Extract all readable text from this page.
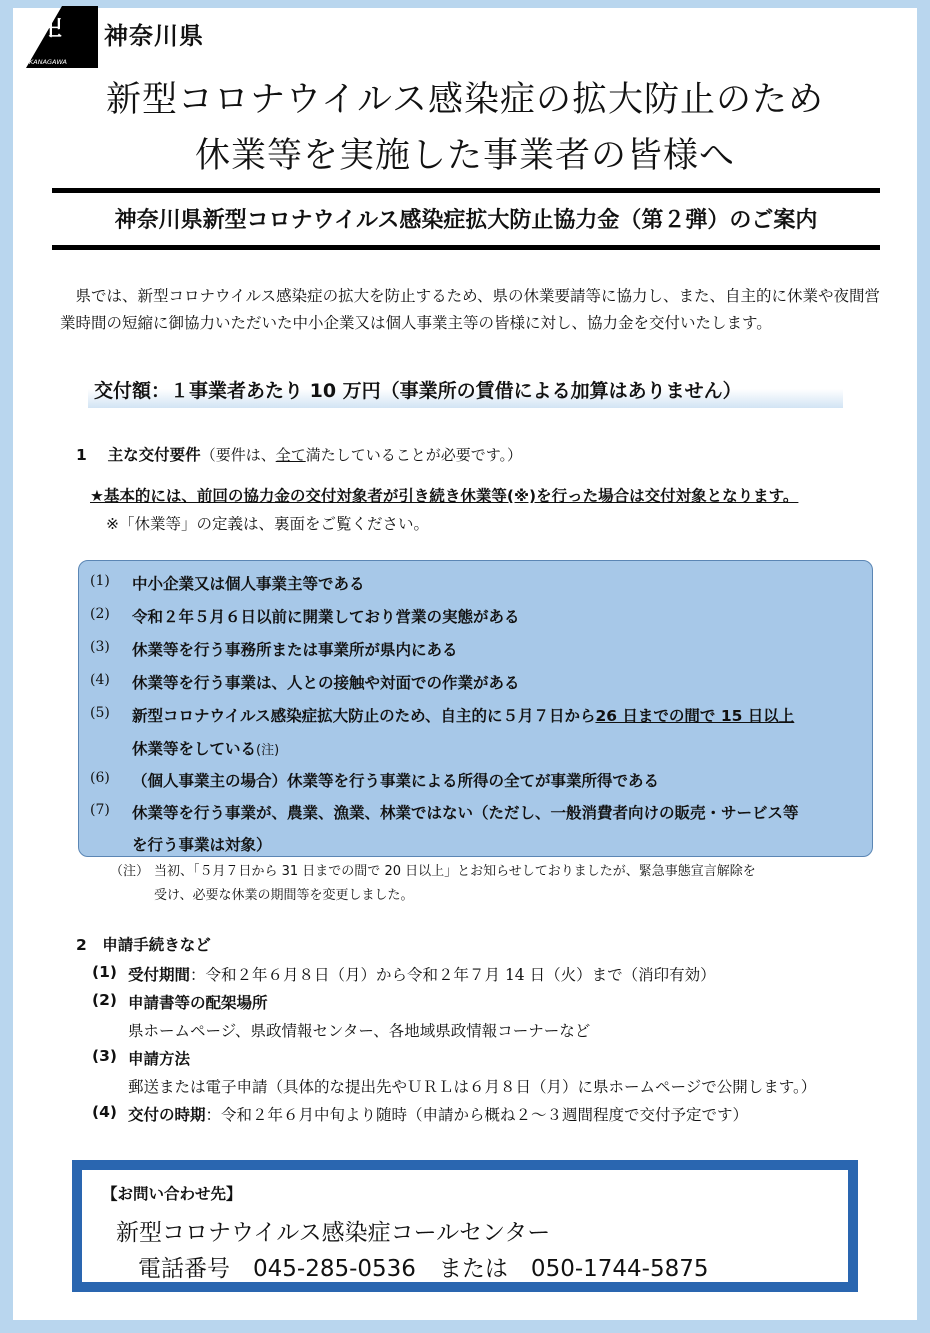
卍
KANAGAWA
神奈川県
新型コロナウイルス感染症の拡大防止のため
休業等を実施した事業者の皆様へ
神奈川県新型コロナウイルス感染症拡大防止協力金（第２弾）のご案内
 県では、新型コロナウイルス感染症の拡大を防止するため、県の休業要請等に協力し、また、自主的に休業や夜間営業時間の短縮に御協力いただいた中小企業又は個人事業主等の皆様に対し、協力金を交付いたします。
交付額：１事業者あたり 10 万円（事業所の賃借による加算はありません）
1　 主な交付要件（要件は、全て満たしていることが必要です。）
★基本的には、前回の協力金の交付対象者が引き続き休業等(※)を行った場合は交付対象となります。
※「休業等」の定義は、裏面をご覧ください。
(1) 中小企業又は個人事業主等である
(2) 令和２年５月６日以前に開業しており営業の実態がある
(3) 休業等を行う事務所または事業所が県内にある
(4) 休業等を行う事業は、人との接触や対面での作業がある
(5) 新型コロナウイルス感染症拡大防止のため、自主的に５月７日から26 日までの間で 15 日以上
休業等をしている(注)
(6) （個人事業主の場合）休業等を行う事業による所得の全てが事業所得である
(7) 休業等を行う事業が、農業、漁業、林業ではない（ただし、一般消費者向けの販売・サービス等
を行う事業は対象）
（注） 当初、「５月７日から 31 日までの間で 20 日以上」とお知らせしておりましたが、緊急事態宣言解除を
受け、必要な休業の期間等を変更しました。
2　申請手続きなど
(1) 受付期間：令和２年６月８日（月）から令和２年７月 14 日（火）まで（消印有効）
(2) 申請書等の配架場所
県ホームページ、県政情報センター、各地域県政情報コーナーなど
(3) 申請方法
郵送または電子申請（具体的な提出先やＵＲＬは６月８日（月）に県ホームページで公開します。）
(4) 交付の時期：令和２年６月中旬より随時（申請から概ね２～３週間程度で交付予定です）
【お問い合わせ先】
新型コロナウイルス感染症コールセンター
電話番号　045-285-0536　または　050-1744-5875
